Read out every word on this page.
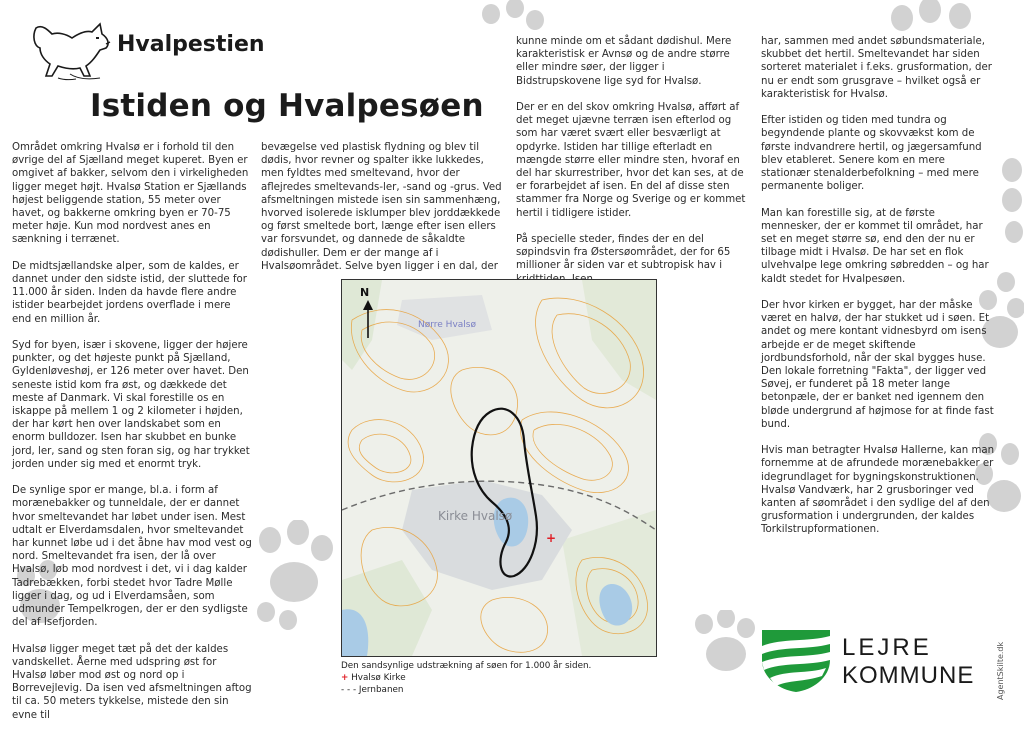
Hvalpestien
Istiden og Hvalpesøen

Området omkring Hvalsø er i forhold til den øvrige del af Sjælland meget kuperet. Byen er omgivet af bakker, selvom den i virkeligheden ligger meget højt. Hvalsø Station er Sjællands højest beliggende station, 55 meter over havet, og bakkerne omkring byen er 70-75 meter høje. Kun mod nordvest anes en sænkning i terrænet.

De midtsjællandske alper, som de kaldes, er dannet under den sidste istid, der sluttede for 11.000 år siden. Inden da havde flere andre istider bearbejdet jordens overflade i mere end en million år.

Syd for byen, især i skovene, ligger der højere punkter, og det højeste punkt på Sjælland, Gyldenløveshøj, er 126 meter over havet. Den seneste istid kom fra øst, og dækkede det meste af Danmark. Vi skal forestille os en iskappe på mellem 1 og 2 kilometer i højden, der har kørt hen over landskabet som en enorm bulldozer. Isen har skubbet en bunke jord, ler, sand og sten foran sig, og har trykket jorden under sig med et enormt tryk.

De synlige spor er mange, bl.a. i form af morænebakker og tunneldale, der er dannet hvor smeltevandet har løbet under isen. Mest udtalt er Elverdamsdalen, hvor smeltevandet har kunnet løbe ud i det åbne hav mod vest og nord. Smeltevandet fra isen, der lå over Hvalsø, løb mod nordvest i det, vi i dag kalder Tadrebækken, forbi stedet hvor Tadre Mølle ligger i dag, og ud i Elverdamsåen, som udmunder Tempelkrogen, der er den sydligste del af Isefjorden.

Hvalsø ligger meget tæt på det der kaldes vandskellet. Åerne med udspring øst for Hvalsø løber mod øst og nord op i Borrevejlevig. Da isen ved afsmeltningen aftog til ca. 50 meters tykkelse, mistede den sin evne til

bevægelse ved plastisk flydning og blev til dødis, hvor revner og spalter ikke lukkedes, men fyldtes med smeltevand, hvor der aflejredes smeltevands-ler, -sand og -grus. Ved afsmeltningen mistede isen sin sammenhæng, hvorved isolerede isklumper blev jorddækkede og først smeltede bort, længe efter isen ellers var forsvundet, og dannede de såkaldte dødishuller. Dem er der mange af i Hvalsøområdet. Selve byen ligger i en dal, der

kunne minde om et sådant dødishul. Mere karakteristisk er Avnsø og de andre større eller mindre søer, der ligger i Bidstrupskovene lige syd for Hvalsø.

Der er en del skov omkring Hvalsø, afført af det meget ujævne terræn isen efterlod og som har været svært eller besværligt at opdyrke. Istiden har tillige efterladt en mængde større eller mindre sten, hvoraf en del har skurrestriber, hvor det kan ses, at de er forarbejdet af isen. En del af disse sten stammer fra Norge og Sverige og er kommet hertil i tidligere istider.

På specielle steder, findes der en del søpindsvin fra Østersøområdet, der for 65 millioner år siden var et subtropisk hav i

har, sammen med andet søbundsmateriale, skubbet det hertil. Smeltevandet har siden sorteret materialet i f.eks. grusformation, der nu er endt som grusgrave – hvilket også er karakteristisk for Hvalsø.

Efter istiden og tiden med tundra og begyndende plante og skovvækst kom de første indvandrere hertil, og jægersamfund blev etableret. Senere kom en mere stationær stenalderbefolkning – med mere permanente boliger.

Man kan forestille sig, at de første mennesker, der er kommet til området, har set en meget større sø, end den der nu er tilbage midt i Hvalsø. De har set en flok ulvehvalpe lege omkring søbredden – og har kaldt stedet for Hvalpesøen.

Der hvor kirken er bygget, har der måske været en halvø, der har stukket ud i søen. Et andet og mere kontant vidnesbyrd om isens arbejde er de meget skiftende jordbundsforhold, når der skal bygges huse. Den lokale forretning "Fakta", der ligger ved Søvej, er funderet på 18 meter lange betonpæle, der er banket ned igennem den bløde undergrund af højmose for at finde fast bund.

Hvis man betragter Hvalsø Hallerne, kan man fornemme at de afrundede morænebakker er idegrundlaget for bygningskonstruktionen. Hvalsø Vandværk, har 2 grusboringer ved kanten af søområdet i den sydlige del af den grusformation i undergrunden, der kaldes Torkilstrupformationen.

+
N
Nørre Hvalsø
Kirke Hvalsø
Den sandsynlige udstrækning af søen for 1.000 år siden.
+ Hvalsø Kirke
- - - Jernbanen
LEJRE
KOMMUNE	AgentSkilte.dk
